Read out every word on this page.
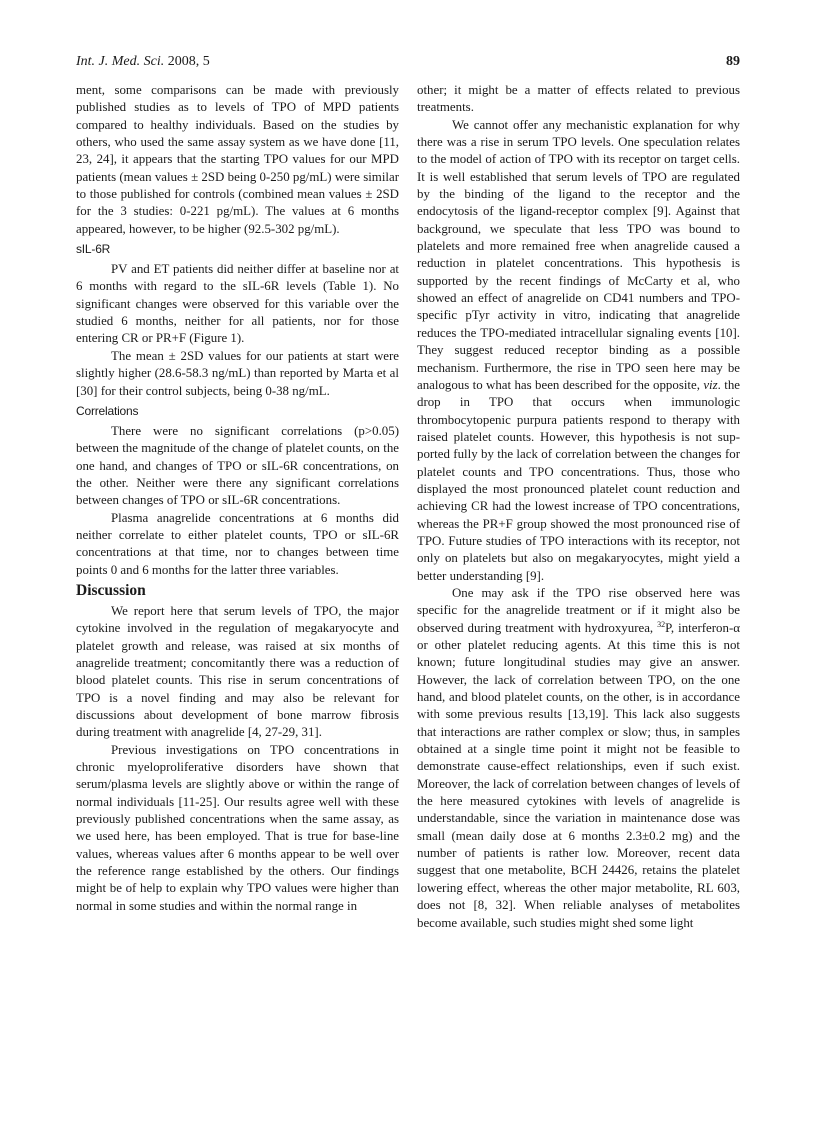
Int. J. Med. Sci. 2008, 5	89

ment, some comparisons can be made with previously published studies as to levels of TPO of MPD patients compared to healthy individuals. Based on the studies by others, who used the same assay system as we have done [11, 23, 24], it appears that the starting TPO values for our MPD patients (mean values ± 2SD being 0-250 pg/mL) were similar to those published for controls (combined mean values ± 2SD for the 3 studies: 0-221 pg/mL). The values at 6 months appeared, however, to be higher (92.5-302 pg/mL).

sIL-6R

PV and ET patients did neither differ at baseline nor at 6 months with regard to the sIL-6R levels (Table 1). No significant changes were observed for this variable over the studied 6 months, neither for all patients, nor for those entering CR or PR+F (Figure 1).

The mean ± 2SD values for our patients at start were slightly higher (28.6-58.3 ng/mL) than reported by Marta et al [30] for their control subjects, being 0-38 ng/mL.

Correlations

There were no significant correlations (p>0.05) between the magnitude of the change of platelet counts, on the one hand, and changes of TPO or sIL-6R concentrations, on the other. Neither were there any significant correlations between changes of TPO or sIL-6R concentrations.

Plasma anagrelide concentrations at 6 months did neither correlate to either platelet counts, TPO or sIL-6R concentrations at that time, nor to changes between time points 0 and 6 months for the latter three variables.

Discussion

We report here that serum levels of TPO, the major cytokine involved in the regulation of megakaryocyte and platelet growth and release, was raised at six months of anagrelide treatment; concomitantly there was a reduction of blood platelet counts. This rise in serum concentrations of TPO is a novel finding and may also be relevant for discussions about development of bone marrow fibrosis during treatment with anagrelide [4, 27-29, 31].

Previous investigations on TPO concentrations in chronic myeloproliferative disorders have shown that serum/plasma levels are slightly above or within the range of normal individuals [11-25]. Our results agree well with these previously published concentrations when the same assay, as we used here, has been employed. That is true for base-line values, whereas values after 6 months appear to be well over the reference range established by the others. Our findings might be of help to explain why TPO values were higher than normal in some studies and within the normal range in

other; it might be a matter of effects related to previous treatments.

We cannot offer any mechanistic explanation for why there was a rise in serum TPO levels. One speculation relates to the model of action of TPO with its receptor on target cells. It is well established that serum levels of TPO are regulated by the binding of the ligand to the receptor and the endocytosis of the ligand-receptor complex [9]. Against that background, we speculate that less TPO was bound to platelets and more remained free when anagrelide caused a reduction in platelet concentrations. This hypothesis is supported by the recent findings of McCarty et al, who showed an effect of anagrelide on CD41 numbers and TPO-specific pTyr activity in vitro, indicating that anagrelide reduces the TPO-mediated intracellular signaling events [10]. They suggest reduced receptor binding as a possible mechanism. Furthermore, the rise in TPO seen here may be analogous to what has been described for the opposite, viz. the drop in TPO that occurs when immunologic thrombocytopenic purpura patients respond to therapy with raised platelet counts. However, this hypothesis is not supported fully by the lack of correlation between the changes for platelet counts and TPO concentrations. Thus, those who displayed the most pronounced platelet count reduction and achieving CR had the lowest increase of TPO concentrations, whereas the PR+F group showed the most pronounced rise of TPO. Future studies of TPO interactions with its receptor, not only on platelets but also on megakaryocytes, might yield a better understanding [9].

One may ask if the TPO rise observed here was specific for the anagrelide treatment or if it might also be observed during treatment with hydroxyurea, $^{32}$P, interferon-α or other platelet reducing agents. At this time this is not known; future longitudinal studies may give an answer. However, the lack of correlation between TPO, on the one hand, and blood platelet counts, on the other, is in accordance with some previous results [13,19]. This lack also suggests that interactions are rather complex or slow; thus, in samples obtained at a single time point it might not be feasible to demonstrate cause-effect relationships, even if such exist. Moreover, the lack of correlation between changes of levels of the here measured cytokines with levels of anagrelide is understandable, since the variation in maintenance dose was small (mean daily dose at 6 months 2.3±0.2 mg) and the number of patients is rather low. Moreover, recent data suggest that one metabolite, BCH 24426, retains the platelet lowering effect, whereas the other major metabolite, RL 603, does not [8, 32]. When reliable analyses of metabolites become available, such studies might shed some light
